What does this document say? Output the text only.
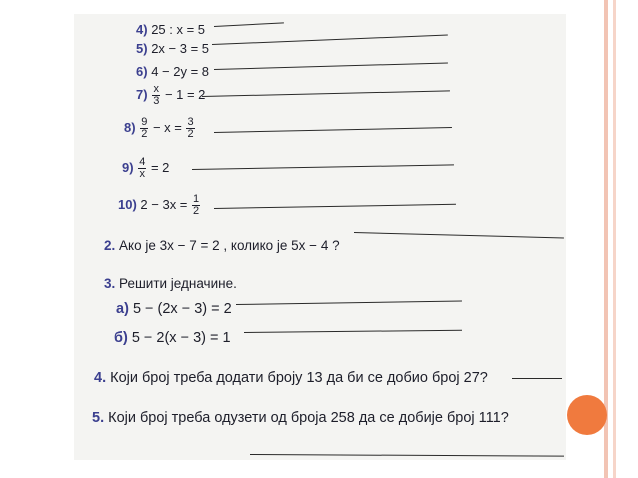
4) 25 : x = 5
5) 2x − 3 = 5
6) 4 − 2y = 8
$7) \frac{x}{3} - 1 = 2$
$8) \frac{9}{2} - x = \frac{3}{2}$
$9) \frac{4}{x} = 2$
10) $2 - 3x = \frac{1}{2}$
2. Ако је 3x − 7 = 2 , колико је 5x − 4 ?
3. Решити једначине.
а) 5 − (2x − 3) = 2
б) 5 − 2(x − 3) = 1
4. Који број треба додати броју 13 да би се добио број 27?
5. Који број треба одузети од броја 258 да се добије број 111?
